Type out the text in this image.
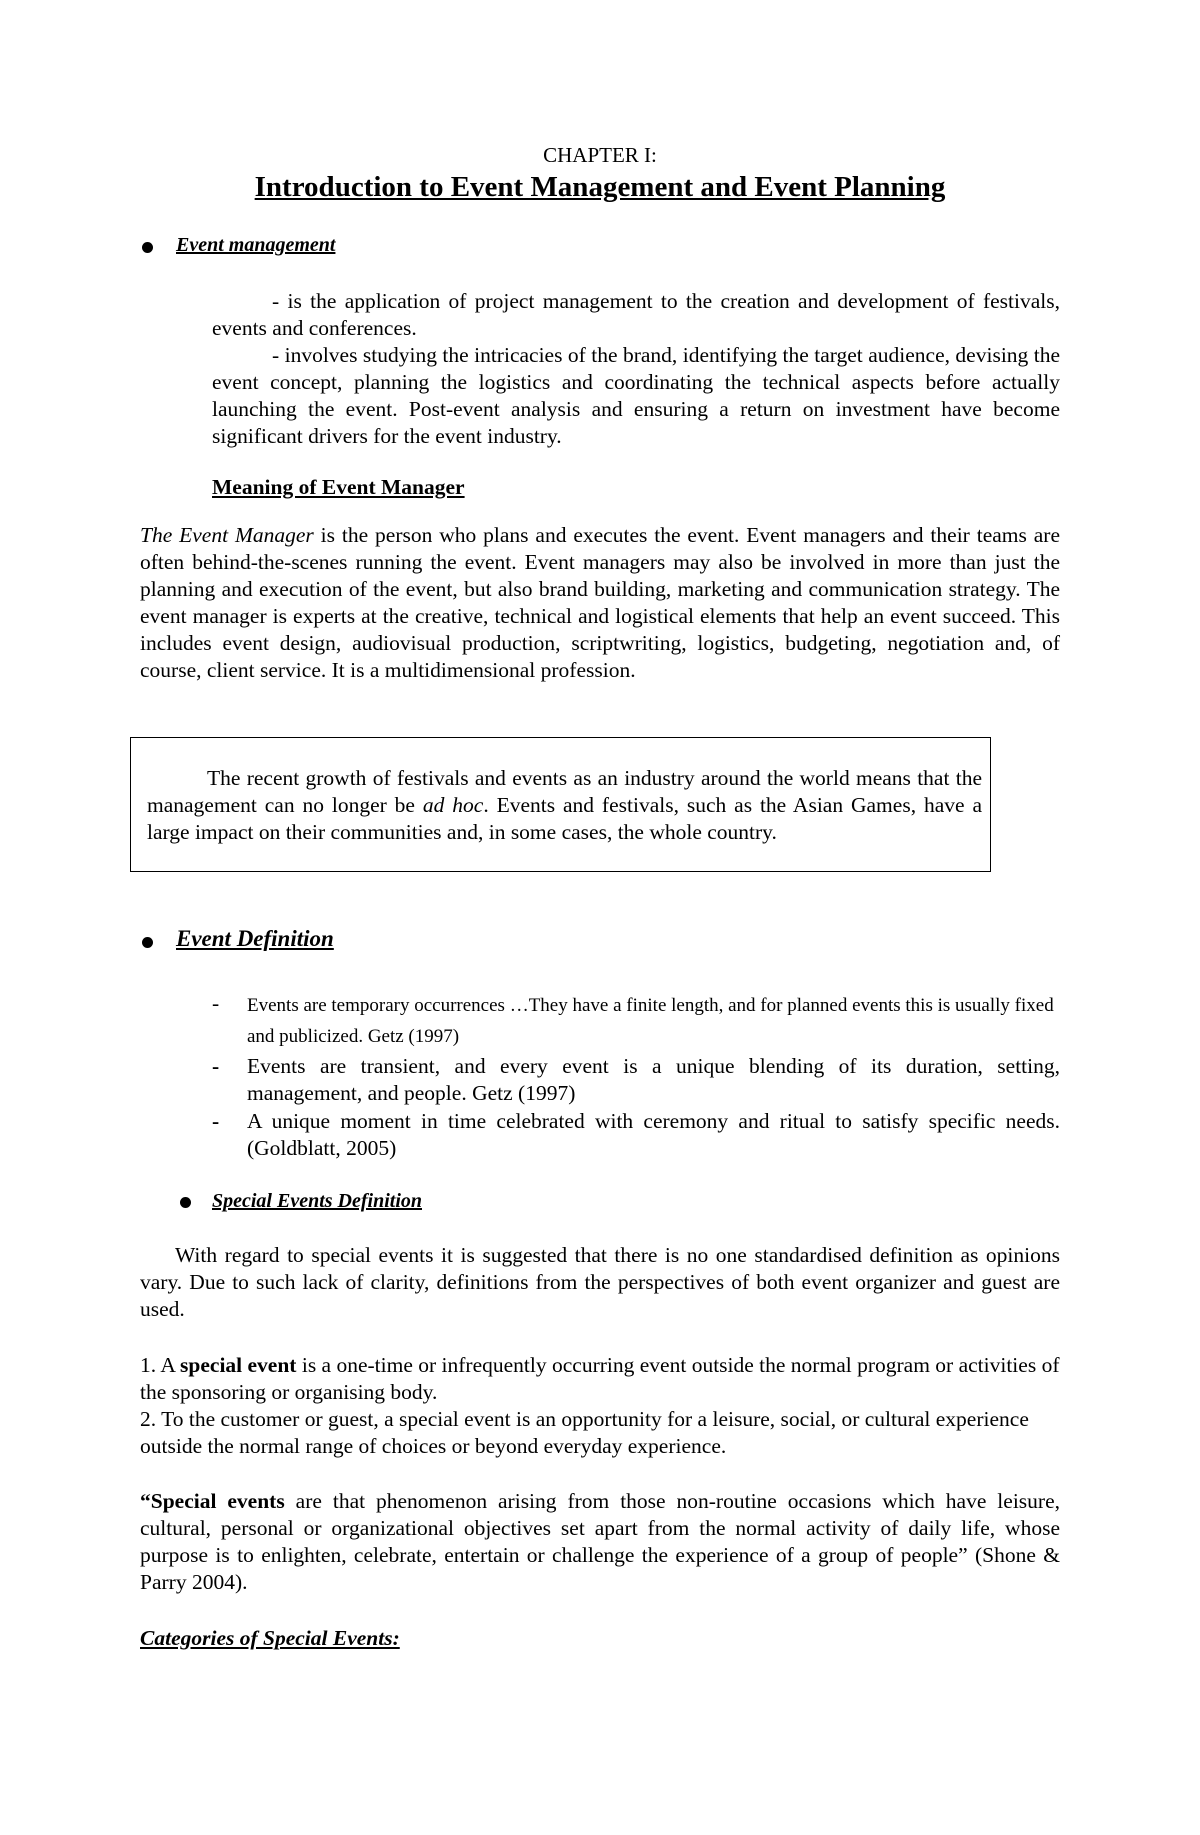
CHAPTER I:
Introduction to Event Management and Event Planning
Event management
- is the application of project management to the creation and development of festivals, events and conferences.
- involves studying the intricacies of the brand, identifying the target audience, devising the event concept, planning the logistics and coordinating the technical aspects before actually launching the event. Post-event analysis and ensuring a return on investment have become significant drivers for the event industry.
Meaning of Event Manager
The Event Manager is the person who plans and executes the event. Event managers and their teams are often behind-the-scenes running the event. Event managers may also be involved in more than just the planning and execution of the event, but also brand building, marketing and communication strategy. The event manager is experts at the creative, technical and logistical elements that help an event succeed. This includes event design, audiovisual production, scriptwriting, logistics, budgeting, negotiation and, of course, client service. It is a multidimensional profession.
The recent growth of festivals and events as an industry around the world means that the management can no longer be ad hoc. Events and festivals, such as the Asian Games, have a large impact on their communities and, in some cases, the whole country.
Event Definition
- Events are temporary occurrences …They have a finite length, and for planned events this is usually fixed and publicized. Getz (1997)
- Events are transient, and every event is a unique blending of its duration, setting, management, and people. Getz (1997)
- A unique moment in time celebrated with ceremony and ritual to satisfy specific needs. (Goldblatt, 2005)
Special Events Definition
With regard to special events it is suggested that there is no one standardised definition as opinions vary. Due to such lack of clarity, definitions from the perspectives of both event organizer and guest are used.
1. A special event is a one-time or infrequently occurring event outside the normal program or activities of the sponsoring or organising body.
2. To the customer or guest, a special event is an opportunity for a leisure, social, or cultural experience outside the normal range of choices or beyond everyday experience.
“Special events are that phenomenon arising from those non-routine occasions which have leisure, cultural, personal or organizational objectives set apart from the normal activity of daily life, whose purpose is to enlighten, celebrate, entertain or challenge the experience of a group of people” (Shone & Parry 2004).
Categories of Special Events:
